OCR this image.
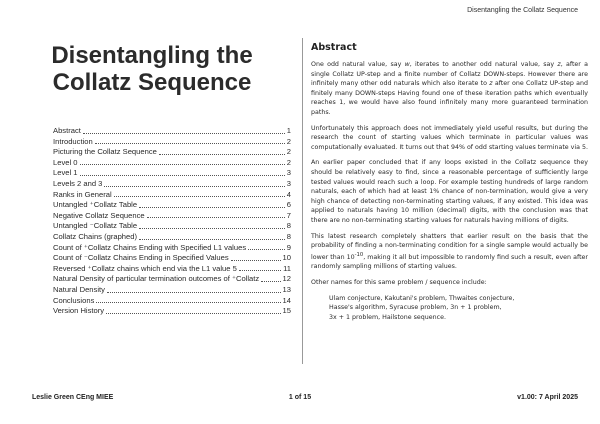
Disentangling the Collatz Sequence
Disentangling the
Collatz Sequence
Abstract	1
Introduction	2
Picturing the Collatz Sequence	2
Level 0	2
Level 1	3
Levels 2 and 3	3
Ranks in General	4
Untangled ⁺Collatz Table	6
Negative Collatz Sequence	7
Untangled ⁻Collatz Table	8
Collatz Chains (graphed)	8
Count of ⁺Collatz Chains Ending with Specified L1 values	9
Count of ⁻Collatz Chains Ending in Specified Values	10
Reversed ⁺Collatz chains which end via the L1 value 5	11
Natural Density of particular termination outcomes of ⁺Collatz	12
Natural Density	13
Conclusions	14
Version History	15
Abstract

One odd natural value, say w, iterates to another odd natural value, say z, after a single Collatz UP-step and a finite number of Collatz DOWN-steps. However there are infinitely many other odd naturals which also iterate to z after one Collatz UP-step and finitely many DOWN-steps Having found one of these iteration paths which eventually reaches 1, we would have also found infinitely many more guaranteed termination paths.

Unfortunately this approach does not immediately yield useful results, but during the research the count of starting values which terminate in particular values was computationally evaluated. It turns out that 94% of odd starting values terminate via 5.

An earlier paper concluded that if any loops existed in the Collatz sequence they should be relatively easy to find, since a reasonable percentage of sufficiently large tested values would reach such a loop. For example testing hundreds of large random naturals, each of which had at least 1% chance of non-termination, would give a very high chance of detecting non-terminating starting values, if any existed. This idea was applied to naturals having 10 million (decimal) digits, with the conclusion was that there are no non-terminating starting values for naturals having millions of digits.

This latest research completely shatters that earlier result on the basis that the probability of finding a non-terminating condition for a single sample would actually be lower than $10^{-10}$, making it all but impossible to randomly find such a result, even after randomly sampling millions of starting values.

Other names for this same problem / sequence include:

Ulam conjecture, Kakutani's problem, Thwaites conjecture,
Hasse's algorithm, Syracuse problem, 3n + 1 problem,
3x + 1 problem, Hailstone sequence.
Leslie Green CEng MIEE	1 of 15	v1.00: 7 April 2025
